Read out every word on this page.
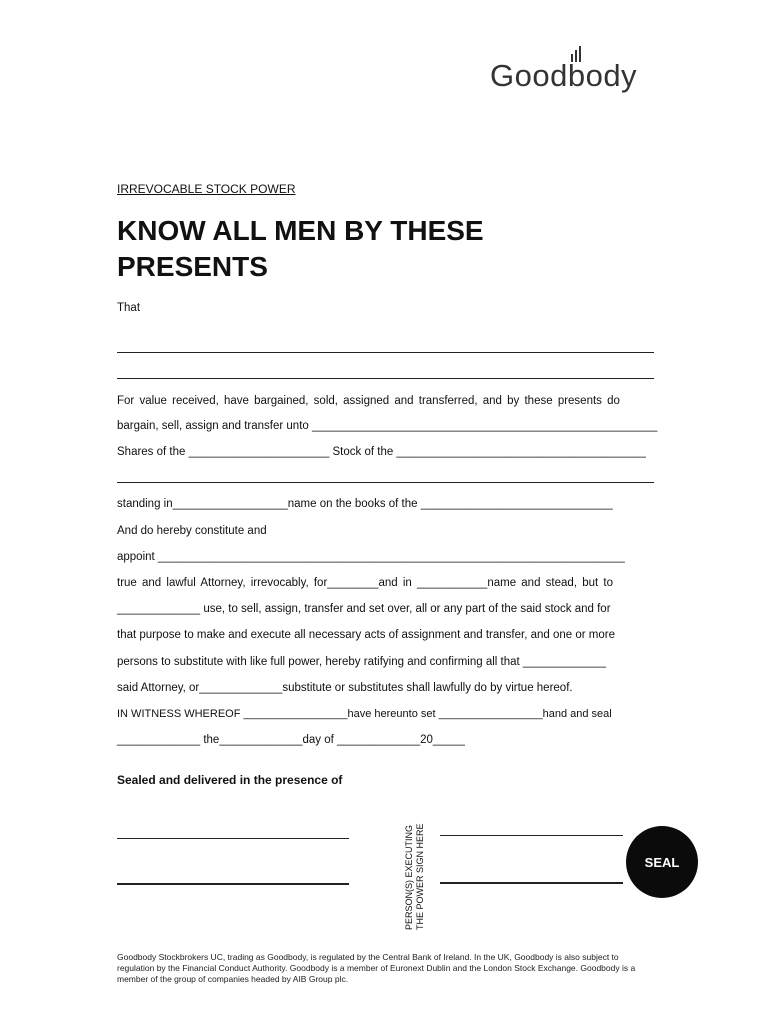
Goodbody
IRREVOCABLE STOCK POWER
KNOW ALL MEN BY THESE PRESENTS
That
For value received, have bargained, sold, assigned and transferred, and by these presents do
bargain, sell, assign and transfer unto ______________________________________________________
Shares of the ______________________ Stock of the _______________________________________
standing in__________________name on the books of the ______________________________
And do hereby constitute and
appoint _________________________________________________________________________
true and lawful Attorney, irrevocably, for________and in ___________name and stead, but to
_____________ use, to sell, assign, transfer and set over, all or any part of the said stock and for
that purpose to make and execute all necessary acts of assignment and transfer, and one or more
persons to substitute with like full power, hereby ratifying and confirming all that _____________
said Attorney, or_____________substitute or substitutes shall lawfully do by virtue hereof.
IN WITNESS WHEREOF _________________have hereunto set _________________hand and seal
_____________ the_____________day of _____________20_____
Sealed and delivered in the presence of
PERSON(S) EXECUTING THE POWER SIGN HERE	SEAL
Goodbody Stockbrokers UC, trading as Goodbody, is regulated by the Central Bank of Ireland. In the UK, Goodbody is also subject to regulation by the Financial Conduct Authority. Goodbody is a member of Euronext Dublin and the London Stock Exchange. Goodbody is a member of the group of companies headed by AIB Group plc.
